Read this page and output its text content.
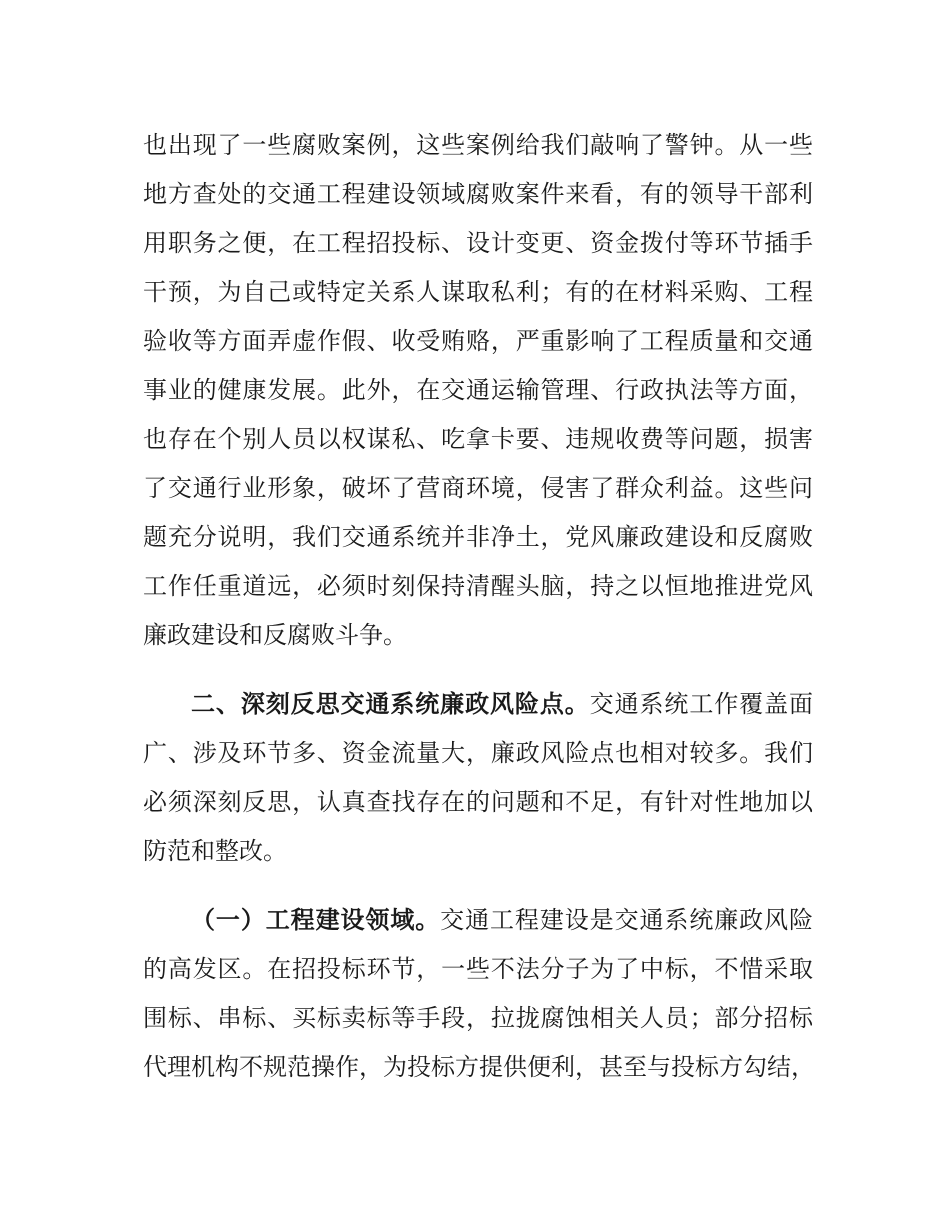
也出现了一些腐败案例，这些案例给我们敲响了警钟。从一些
地方查处的交通工程建设领域腐败案件来看，有的领导干部利
用职务之便，在工程招投标、设计变更、资金拨付等环节插手
干预，为自己或特定关系人谋取私利；有的在材料采购、工程
验收等方面弄虚作假、收受贿赂，严重影响了工程质量和交通
事业的健康发展。此外，在交通运输管理、行政执法等方面，
也存在个别人员以权谋私、吃拿卡要、违规收费等问题，损害
了交通行业形象，破坏了营商环境，侵害了群众利益。这些问
题充分说明，我们交通系统并非净土，党风廉政建设和反腐败
工作任重道远，必须时刻保持清醒头脑，持之以恒地推进党风
廉政建设和反腐败斗争。
二、深刻反思交通系统廉政风险点。交通系统工作覆盖面
广、涉及环节多、资金流量大，廉政风险点也相对较多。我们
必须深刻反思，认真查找存在的问题和不足，有针对性地加以
防范和整改。
（一）工程建设领域。交通工程建设是交通系统廉政风险
的高发区。在招投标环节，一些不法分子为了中标，不惜采取
围标、串标、买标卖标等手段，拉拢腐蚀相关人员；部分招标
代理机构不规范操作，为投标方提供便利，甚至与投标方勾结，
